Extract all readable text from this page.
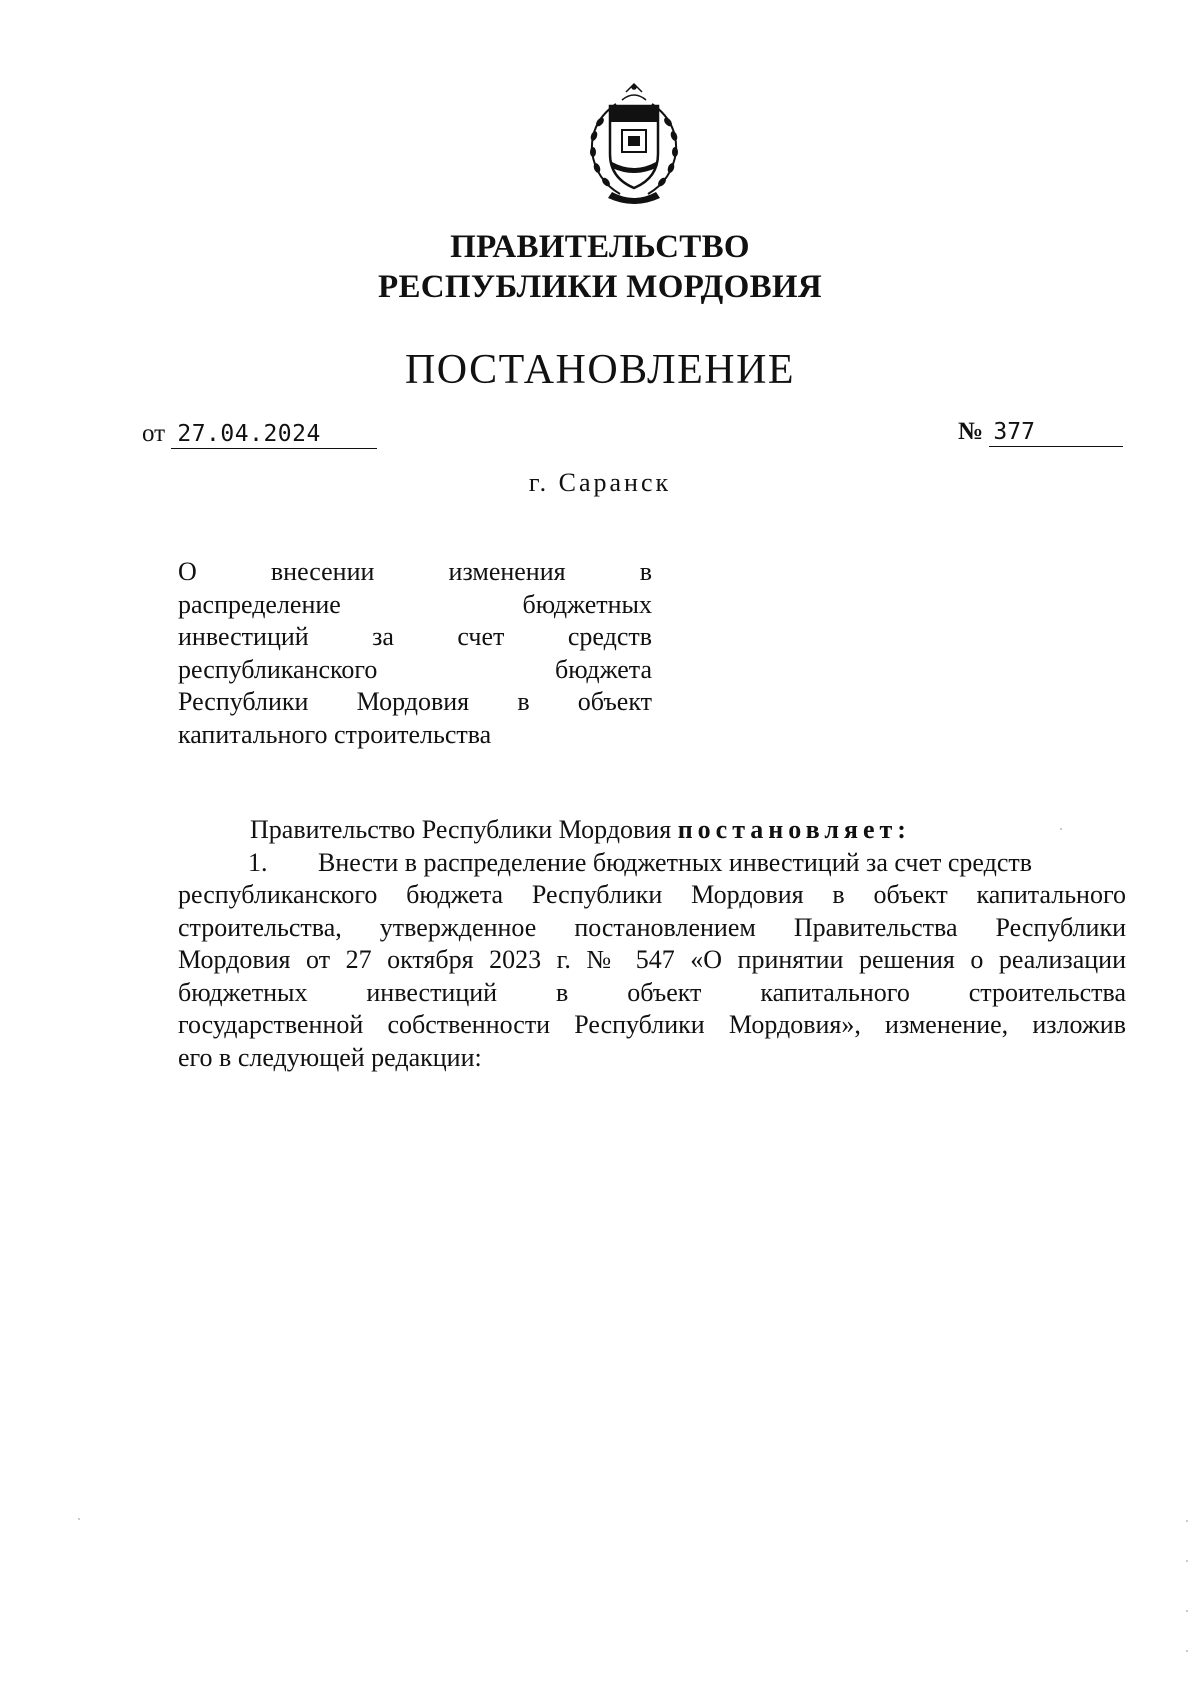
ПРАВИТЕЛЬСТВО
РЕСПУБЛИКИ МОРДОВИЯ
ПОСТАНОВЛЕНИЕ
от 27.04.2024	№ 377
г. Саранск
О внесении изменения в
распределение бюджетных
инвестиций за счет средств
республиканского бюджета
Республики Мордовия в объект
капитального строительства
Правительство Республики Мордовия постановляет:
1. Внести в распределение бюджетных инвестиций за счет средств
республиканского бюджета Республики Мордовия в объект капитального
строительства, утвержденное постановлением Правительства Республики
Мордовия от 27 октября 2023 г. № 547 «О принятии решения о реализации
бюджетных инвестиций в объект капитального строительства
государственной собственности Республики Мордовия», изменение, изложив
его в следующей редакции:
